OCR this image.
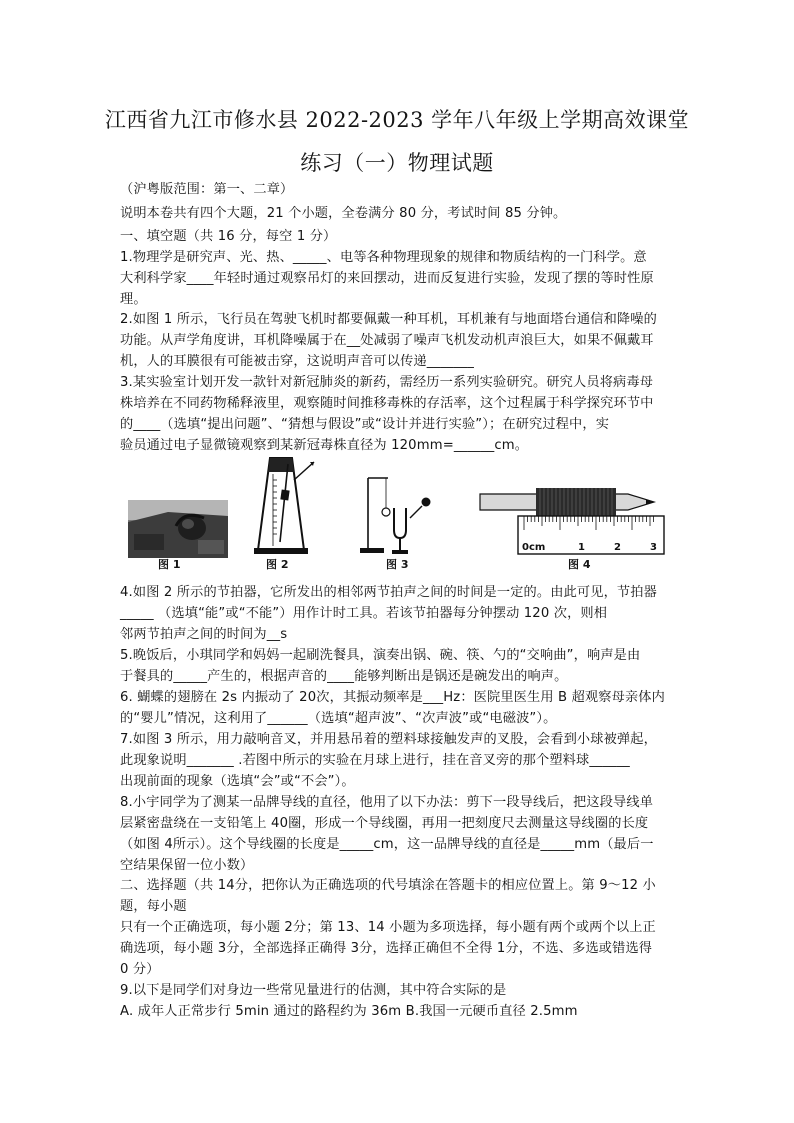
江西省九江市修水县 2022-2023 学年八年级上学期高效课堂
练习（一）物理试题
（沪粤版范围：第一、二章）
说明本卷共有四个大题，21 个小题，全卷满分 80 分，考试时间 85 分钟。
一、填空题（共 16 分，每空 1 分）
1.物理学是研究声、光、热、_____、电等各种物理现象的规律和物质结构的一门科学。意
大利科学家____年轻时通过观察吊灯的来回摆动，进而反复进行实验，发现了摆的等时性原
理。
2.如图 1 所示，飞行员在驾驶飞机时都要佩戴一种耳机，耳机兼有与地面塔台通信和降噪的
功能。从声学角度讲，耳机降噪属于在__处减弱了噪声飞机发动机声浪巨大，如果不佩戴耳
机，人的耳膜很有可能被击穿，这说明声音可以传递_______
3.某实验室计划开发一款针对新冠肺炎的新药，需经历一系列实验研究。研究人员将病毒母
株培养在不同药物稀释液里，观察随时间推移毒株的存活率，这个过程属于科学探究环节中
的____（选填“提出问题”、“猜想与假设”或“设计并进行实验”）；在研究过程中，实
验员通过电子显微镜观察到某新冠毒株直径为 120mm=______cm。
4.如图 2 所示的节拍器，它所发出的相邻两节拍声之间的时间是一定的。由此可见，节拍器
_____ （选填“能”或“不能”）用作计时工具。若该节拍器每分钟摆动 120 次，则相
邻两节拍声之间的时间为__s
5.晚饭后，小琪同学和妈妈一起刷洗餐具，演奏出锅、碗、筷、勺的“交响曲”，响声是由
于餐具的_____产生的，根据声音的____能够判断出是锅还是碗发出的响声。
6. 蝴蝶的翅膀在 2s 内振动了 20次，其振动频率是___Hz：医院里医生用 B 超观察母亲体内
的“婴儿”情况，这利用了______（选填“超声波”、“次声波”或“电磁波”）。
7.如图 3 所示，用力敲响音叉，并用悬吊着的塑料球接触发声的叉股，会看到小球被弹起，
此现象说明_______ .若图中所示的实验在月球上进行，挂在音叉旁的那个塑料球______
出现前面的现象（选填“会”或“不会”）。
8.小宇同学为了测某一品牌导线的直径，他用了以下办法：剪下一段导线后，把这段导线单
层紧密盘绕在一支铅笔上 40圈，形成一个导线圈，再用一把刻度尺去测量这导线圈的长度
（如图 4所示）。这个导线圈的长度是_____cm，这一品牌导线的直径是_____mm（最后一
空结果保留一位小数）
二、选择题（共 14分，把你认为正确选项的代号填涂在答题卡的相应位置上。第 9～12 小
题，每小题
只有一个正确选项，每小题 2分；第 13、14 小题为多项选择，每小题有两个或两个以上正
确选项，每小题 3分，全部选择正确得 3分，选择正确但不全得 1分，不选、多选或错选得
0 分）
9.以下是同学们对身边一些常见量进行的估测，其中符合实际的是
A. 成年人正常步行 5min 通过的路程约为 36m B.我国一元硬币直径 2.5mm
图 1	图 2	图 3
0cm	1	2	3
图 4
